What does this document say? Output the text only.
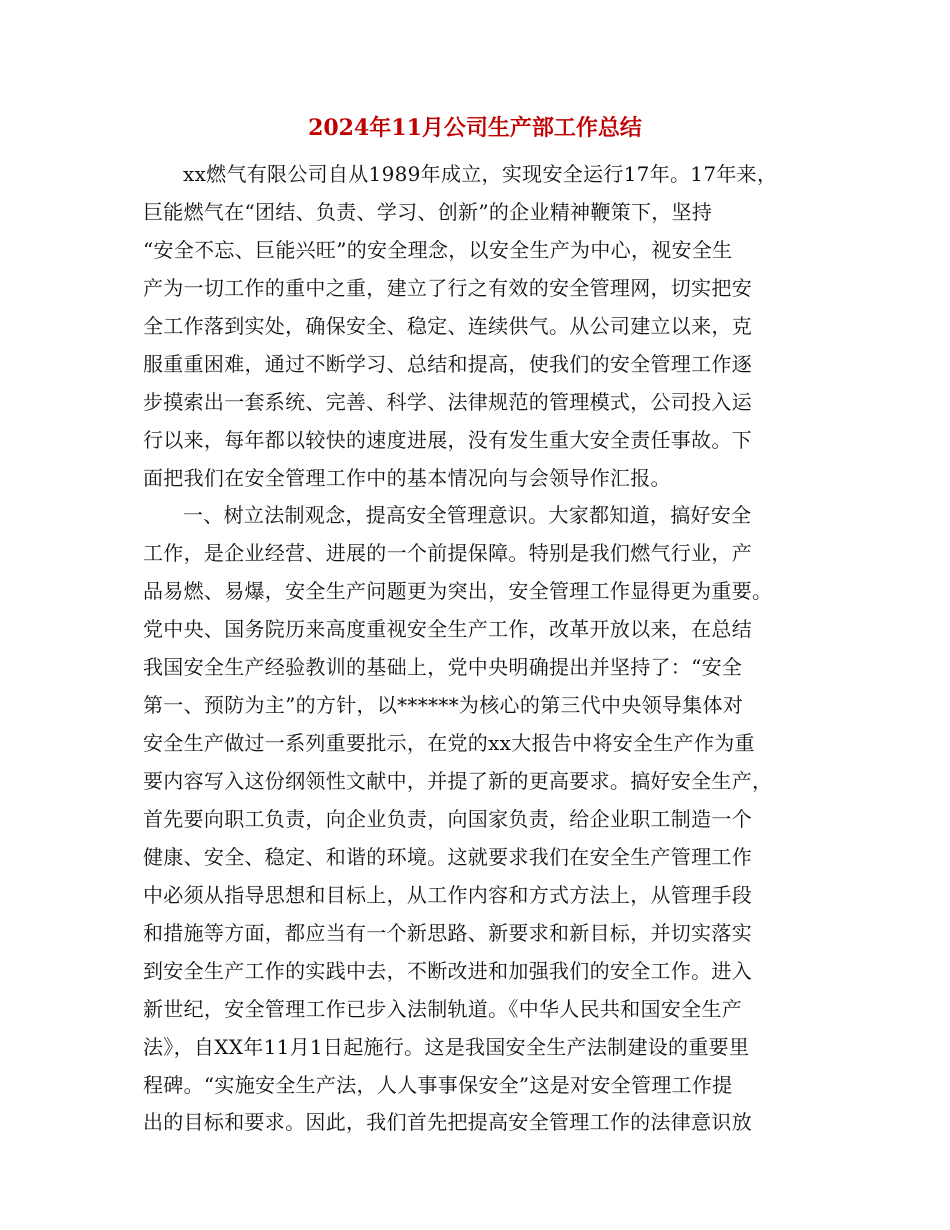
2024年11月公司生产部工作总结
xx燃气有限公司自从1989年成立，实现安全运行17年。17年来，
巨能燃气在“团结、负责、学习、创新”的企业精神鞭策下，坚持
“安全不忘、巨能兴旺”的安全理念，以安全生产为中心，视安全生
产为一切工作的重中之重，建立了行之有效的安全管理网，切实把安
全工作落到实处，确保安全、稳定、连续供气。从公司建立以来，克
服重重困难，通过不断学习、总结和提高，使我们的安全管理工作逐
步摸索出一套系统、完善、科学、法律规范的管理模式，公司投入运
行以来，每年都以较快的速度进展，没有发生重大安全责任事故。下
面把我们在安全管理工作中的基本情况向与会领导作汇报。
一、树立法制观念，提高安全管理意识。大家都知道，搞好安全
工作，是企业经营、进展的一个前提保障。特别是我们燃气行业，产
品易燃、易爆，安全生产问题更为突出，安全管理工作显得更为重要。
党中央、国务院历来高度重视安全生产工作，改革开放以来，在总结
我国安全生产经验教训的基础上，党中央明确提出并坚持了：“安全
第一、预防为主”的方针，以******为核心的第三代中央领导集体对
安全生产做过一系列重要批示，在党的xx大报告中将安全生产作为重
要内容写入这份纲领性文献中，并提了新的更高要求。搞好安全生产，
首先要向职工负责，向企业负责，向国家负责，给企业职工制造一个
健康、安全、稳定、和谐的环境。这就要求我们在安全生产管理工作
中必须从指导思想和目标上，从工作内容和方式方法上，从管理手段
和措施等方面，都应当有一个新思路、新要求和新目标，并切实落实
到安全生产工作的实践中去，不断改进和加强我们的安全工作。进入
新世纪，安全管理工作已步入法制轨道。《中华人民共和国安全生产
法》，自XX年11月1日起施行。这是我国安全生产法制建设的重要里
程碑。“实施安全生产法，人人事事保安全”这是对安全管理工作提
出的目标和要求。因此，我们首先把提高安全管理工作的法律意识放
